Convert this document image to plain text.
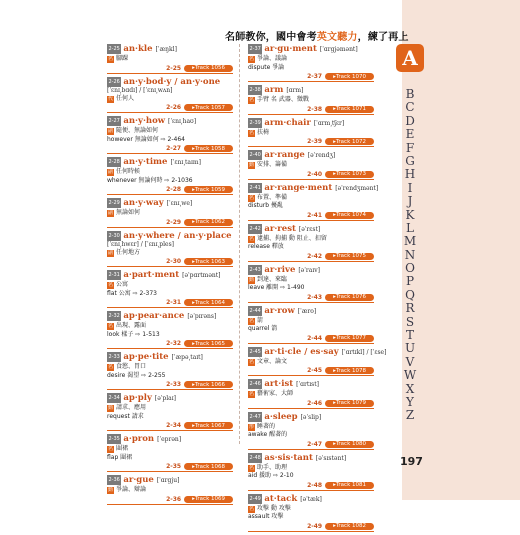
名師教你，國中會考英文聽力，練了再上
A
B
C
D
E
F
G
H
I
J
K
L
M
N
O
P
Q
R
S
T
U
V
W
X
Y
Z
2-25 an·kle [ˈæŋkl]
名 腳踝
2-25	▸ Track 1056
2-26 an·y·bod·y / an·y·one
[ˈɛnɪ͵bɑdɪ] / [ˈɛnɪ͵wʌn]
代 任何人
2-26	▸ Track 1057
2-27 an·y·how [ˈɛnɪ͵haʊ]
副 隨便、無論如何
however 無論如何 ⇨ 2-464
2-27	▸ Track 1058
2-28 an·y·time [ˈɛnɪ͵taɪm]
副 任何時候
whenever 無論何時 ⇨ 2-1036
2-28	▸ Track 1059
2-29 an·y·way [ˈɛnɪ͵we]
副 無論如何
2-29	▸ Track 1062
2-30 an·y·where / an·y·place
[ˈɛnɪ͵hwɛr] / [ˈɛnɪ͵ples]
副 任何地方
2-30	▸ Track 1063
2-31 a·part·ment [əˈpɑrtmənt]
名 公寓
flat 公寓 ⇨ 2-373
2-31	▸ Track 1064
2-32 ap·pear·ance [əˈpɪrəns]
名 出現、露面
look 樣子 ⇨ 1-513
2-32	▸ Track 1065
2-33 ap·pe·tite [ˈæpə͵taɪt]
名 食慾、胃口
desire 渴望 ⇨ 2-255
2-33	▸ Track 1066
2-34 ap·ply [əˈplaɪ]
動 請求、應用
request 請求
2-34	▸ Track 1067
2-35 a·pron [ˈeprən]
名 圍裙
flap 圍裙
2-35	▸ Track 1068
2-36 ar·gue [ˈɑrgju]
動 爭論、辯論
2-36	▸ Track 1069
2-37 ar·gu·ment [ˈɑrgjəmənt]
名 爭論、議論
dispute 爭論
2-37	▸ Track 1070
2-38 arm [ɑrm]
名 手臂 名 武器、徵戰
2-38	▸ Track 1071
2-39 arm·chair [ˈɑrm͵tʃɛr]
名 扶椅
2-39	▸ Track 1072
2-40 ar·range [əˈrendʒ]
動 安排、籌備
2-40	▸ Track 1073
2-41 ar·range·ment [əˈrendʒmənt]
名 布置、準備
disturb 擾亂
2-41	▸ Track 1074
2-42 ar·rest [əˈrɛst]
名 逮捕、拘捕 動 阻止、扣留
release 釋放
2-42	▸ Track 1075
2-43 ar·rive [əˈraɪv]
動 到達、來臨
leave 離開 ⇨ 1-490
2-43	▸ Track 1076
2-44 ar·row [ˈæro]
名 箭
quarrel 箭
2-44	▸ Track 1077
2-45 ar·ti·cle / es·say [ˈɑrtɪkl] / [ˈɛse]
名 文章、論文
2-45	▸ Track 1078
2-46 art·ist [ˈɑrtɪst]
名 藝術家、大師
2-46	▸ Track 1079
2-47 a·sleep [əˈslip]
形 睡著的
awake 醒著的
2-47	▸ Track 1080
2-48 as·sis·tant [əˈsɪstənt]
名 助手、助理
aid 援助 ⇨ 2-10
2-48	▸ Track 1081
2-49 at·tack [əˈtæk]
名 攻擊 動 攻擊
assault 攻擊
2-49	▸ Track 1082
197
